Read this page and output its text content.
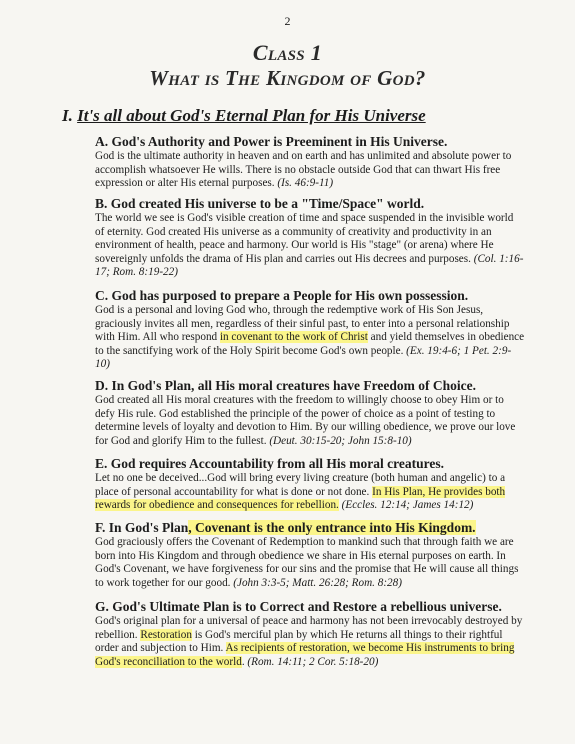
2
Class 1
What is The Kingdom of God?
I. It's all about God's Eternal Plan for His Universe
A. God's Authority and Power is Preeminent in His Universe.

God is the ultimate authority in heaven and on earth and has unlimited and absolute power to accomplish whatsoever He wills. There is no obstacle outside God that can thwart His free expression or alter His eternal purposes. (Is. 46:9-11)

B. God created His universe to be a "Time/Space" world.

The world we see is God's visible creation of time and space suspended in the invisible world of eternity. God created His universe as a community of creativity and productivity in an environment of health, peace and harmony. Our world is His "stage" (or arena) where He sovereignly unfolds the drama of His plan and carries out His decrees and purposes. (Col. 1:16-17; Rom. 8:19-22)

C. God has purposed to prepare a People for His own possession.

God is a personal and loving God who, through the redemptive work of His Son Jesus, graciously invites all men, regardless of their sinful past, to enter into a personal relationship with Him. All who respond in covenant to the work of Christ and yield themselves in obedience to the sanctifying work of the Holy Spirit become God's own people. (Ex. 19:4-6; 1 Pet. 2:9-10)

D. In God's Plan, all His moral creatures have Freedom of Choice.

God created all His moral creatures with the freedom to willingly choose to obey Him or to defy His rule. God established the principle of the power of choice as a point of testing to determine levels of loyalty and devotion to Him. By our willing obedience, we prove our love for God and glorify Him to the fullest. (Deut. 30:15-20; John 15:8-10)

E. God requires Accountability from all His moral creatures.

Let no one be deceived...God will bring every living creature (both human and angelic) to a place of personal accountability for what is done or not done. In His Plan, He provides both rewards for obedience and consequences for rebellion. (Eccles. 12:14; James 14:12)

F. In God's Plan, Covenant is the only entrance into His Kingdom.

God graciously offers the Covenant of Redemption to mankind such that through faith we are born into His Kingdom and through obedience we share in His eternal purposes on earth. In God's Covenant, we have forgiveness for our sins and the promise that He will cause all things to work together for our good. (John 3:3-5; Matt. 26:28; Rom. 8:28)

G. God's Ultimate Plan is to Correct and Restore a rebellious universe.

God's original plan for a universal of peace and harmony has not been irrevocably destroyed by rebellion. Restoration is God's merciful plan by which He returns all things to their rightful order and subjection to Him. As recipients of restoration, we become His instruments to bring God's reconciliation to the world. (Rom. 14:11; 2 Cor. 5:18-20)
